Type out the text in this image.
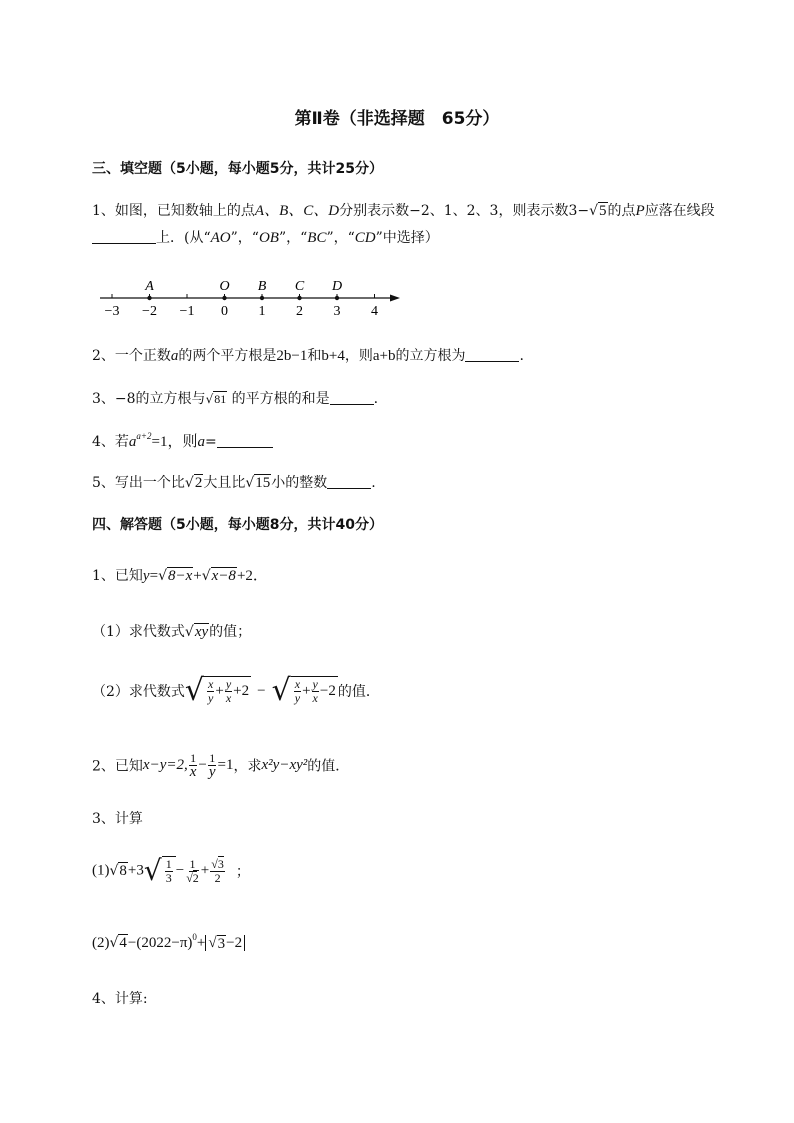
第Ⅱ卷（非选择题　65分）
三、填空题（5小题，每小题5分，共计25分）
1、如图，已知数轴上的点A、B、C、D分别表示数−2、1、2、3，则表示数3−√5的点P应落在线段
上．(从“AO”，“OB”，“BC”，“CD”中选择）
−3 −2 −1 0 1 2 3 4
A	O B C D
2、一个正数a的两个平方根是2b−1和b+4，则a+b的立方根为	.
3、−8的立方根与√81 的平方根的和是	.
4、若$a^{a+2}=1$，则a=
5、写出一个比√2大且比√15小的整数	.
四、解答题（5小题，每小题8分，共计40分）
1、已知y=√8−x+√x−8+2．
（1）求代数式√xy的值；
（2）求代数式 √ $\frac{x}{y} + \frac{y}{x} +2$ − √ $\frac{x}{y} + \frac{y}{x} -2$ 的值．
2、已知x−y=2, $\frac{1}{x} - \frac{1}{y} =1$，求x²y−xy²的值．
3、计算
(1)√8+3 √ $\frac{1}{3} - \frac{1}{√2} + \frac{√3}{2}$ ；
$(2)√4-(2022-\pi)^0+ √3-2$
4、计算:
